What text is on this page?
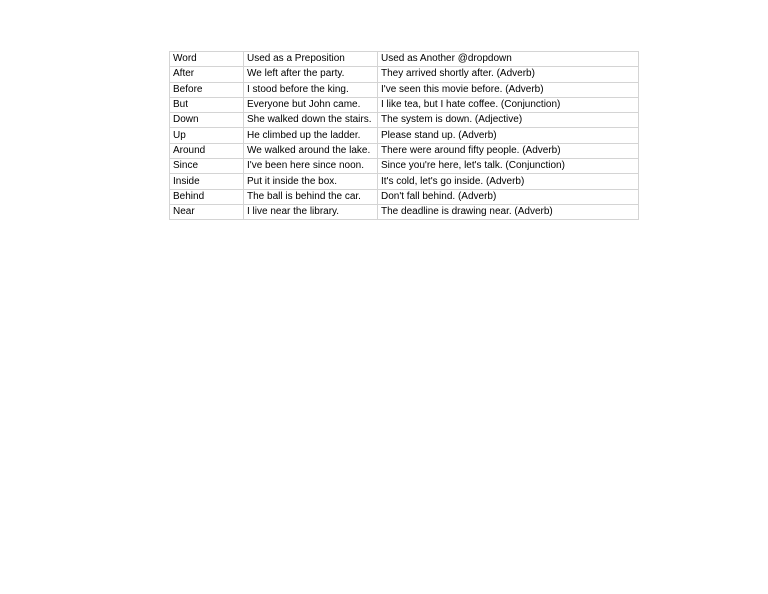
Word	Used as a Preposition	Used as Another @dropdown	
After	We left after the party.	They arrived shortly after. (Adverb)	
Before	I stood before the king.	I've seen this movie before. (Adverb)	
But	Everyone but John came.	I like tea, but I hate coffee. (Conjunction)	
Down	She walked down the stairs.	The system is down. (Adjective)	
Up	He climbed up the ladder.	Please stand up. (Adverb)	
Around	We walked around the lake.	There were around fifty people. (Adverb)	
Since	I've been here since noon.	Since you're here, let's talk. (Conjunction)	
Inside	Put it inside the box.	It's cold, let's go inside. (Adverb)	
Behind	The ball is behind the car.	Don't fall behind. (Adverb)	
Near	I live near the library.	The deadline is drawing near. (Adverb)	
